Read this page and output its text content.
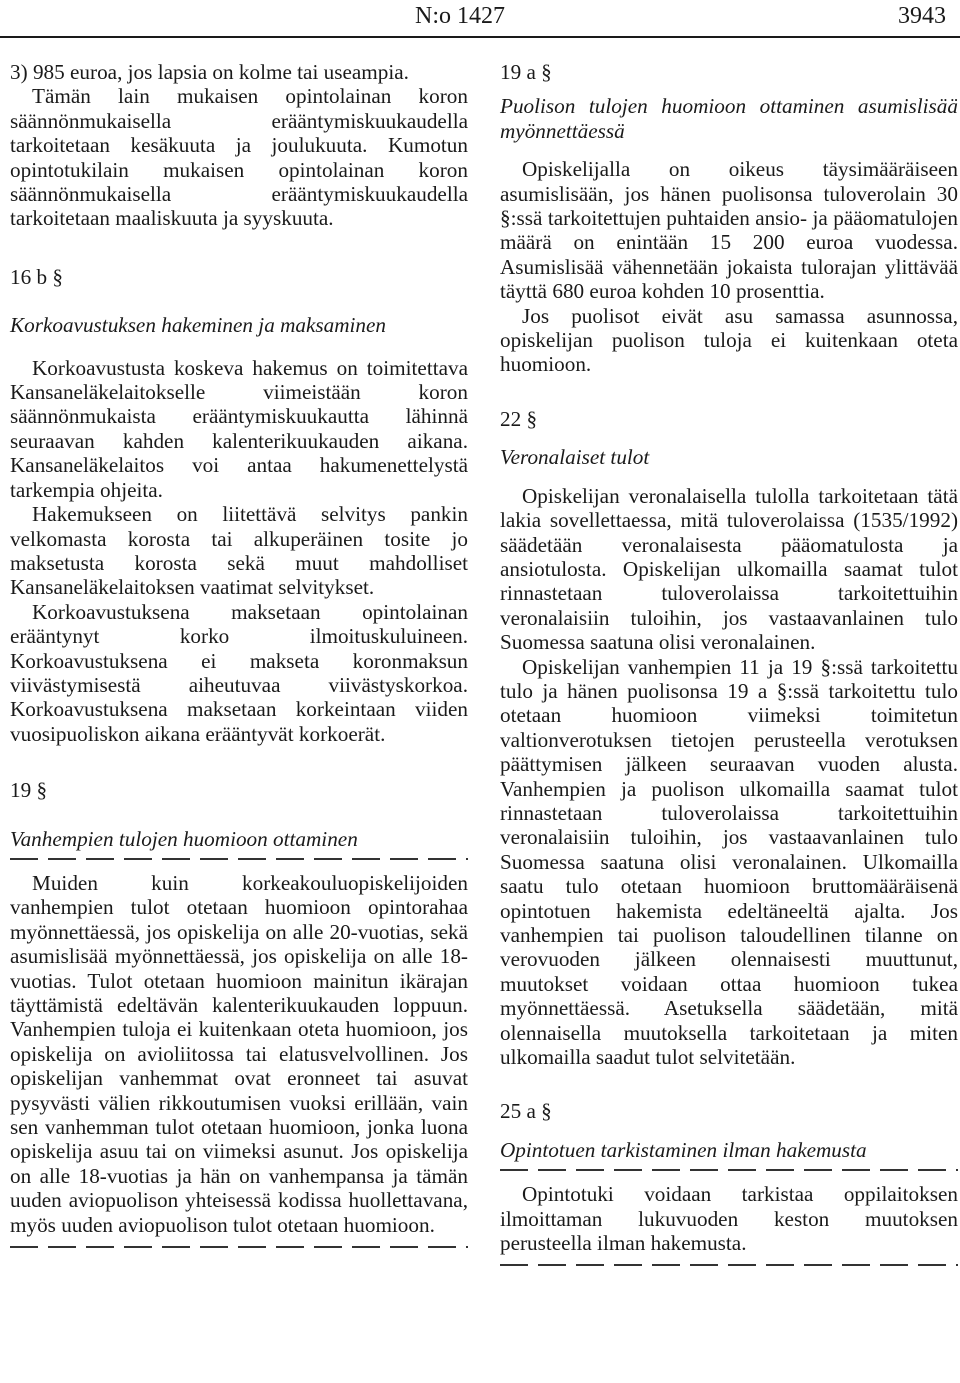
N:o 1427	3943

3) 985 euroa, jos lapsia on kolme tai useampia.

Tämän lain mukaisen opintolainan koron säännönmukaisella erääntymiskuukaudella tarkoitetaan kesäkuuta ja joulukuuta. Kumotun opintotukilain mukaisen opintolainan koron säännönmukaisella erääntymiskuukaudella tarkoitetaan maaliskuuta ja syyskuuta.

16 b §

Korkoavustuksen hakeminen ja maksaminen

Korkoavustusta koskeva hakemus on toimitettava Kansaneläkelaitokselle viimeistään koron säännönmukaista erääntymiskuukautta lähinnä seuraavan kahden kalenterikuukauden aikana. Kansaneläkelaitos voi antaa hakumenettelystä tarkempia ohjeita.

Hakemukseen on liitettävä selvitys pankin velkomasta korosta tai alkuperäinen tosite jo maksetusta korosta sekä muut mahdolliset Kansaneläkelaitoksen vaatimat selvitykset.

Korkoavustuksena maksetaan opintolainan erääntynyt korko ilmoituskuluineen. Korkoavustuksena ei makseta koronmaksun viivästymisestä aiheutuvaa viivästyskorkoa. Korkoavustuksena maksetaan korkeintaan viiden vuosipuoliskon aikana erääntyvät korkoerät.

19 §

Vanhempien tulojen huomioon ottaminen

Muiden kuin korkeakouluopiskelijoiden vanhempien tulot otetaan huomioon opintorahaa myönnettäessä, jos opiskelija on alle 20-vuotias, sekä asumislisää myönnettäessä, jos opiskelija on alle 18-vuotias. Tulot otetaan huomioon mainitun ikärajan täyttämistä edeltävän kalenterikuukauden loppuun. Vanhempien tuloja ei kuitenkaan oteta huomioon, jos opiskelija on avioliitossa tai elatusvelvollinen. Jos opiskelijan vanhemmat ovat eronneet tai asuvat pysyvästi välien rikkoutumisen vuoksi erillään, vain sen vanhemman tulot otetaan huomioon, jonka luona opiskelija asuu tai on viimeksi asunut. Jos opiskelija on alle 18-vuotias ja hän on vanhempansa ja tämän uuden aviopuolison yhteisessä kodissa huollettavana, myös uuden aviopuolison tulot otetaan huomioon.

19 a §

Puolison tulojen huomioon ottaminen asumislisää myönnettäessä

Opiskelijalla on oikeus täysimääräiseen asumislisään, jos hänen puolisonsa tuloverolain 30 §:ssä tarkoitettujen puhtaiden ansio- ja pääomatulojen määrä on enintään 15 200 euroa vuodessa. Asumislisää vähennetään jokaista tulorajan ylittävää täyttä 680 euroa kohden 10 prosenttia.

Jos puolisot eivät asu samassa asunnossa, opiskelijan puolison tuloja ei kuitenkaan oteta huomioon.

22 §

Veronalaiset tulot

Opiskelijan veronalaisella tulolla tarkoitetaan tätä lakia sovellettaessa, mitä tuloverolaissa (1535/1992) säädetään veronalaisesta pääomatulosta ja ansiotulosta. Opiskelijan ulkomailla saamat tulot rinnastetaan tuloverolaissa tarkoitettuihin veronalaisiin tuloihin, jos vastaavanlainen tulo Suomessa saatuna olisi veronalainen.

Opiskelijan vanhempien 11 ja 19 §:ssä tarkoitettu tulo ja hänen puolisonsa 19 a §:ssä tarkoitettu tulo otetaan huomioon viimeksi toimitetun valtionverotuksen tietojen perusteella verotuksen päättymisen jälkeen seuraavan vuoden alusta. Vanhempien ja puolison ulkomailla saamat tulot rinnastetaan tuloverolaissa tarkoitettuihin veronalaisiin tuloihin, jos vastaavanlainen tulo Suomessa saatuna olisi veronalainen. Ulkomailla saatu tulo otetaan huomioon bruttomääräisenä opintotuen hakemista edeltäneeltä ajalta. Jos vanhempien tai puolison taloudellinen tilanne on verovuoden jälkeen olennaisesti muuttunut, muutokset voidaan ottaa huomioon tukea myönnettäessä. Asetuksella säädetään, mitä olennaisella muutoksella tarkoitetaan ja miten ulkomailla saadut tulot selvitetään.

25 a §

Opintotuen tarkistaminen ilman hakemusta

Opintotuki voidaan tarkistaa oppilaitoksen ilmoittaman lukuvuoden keston muutoksen perusteella ilman hakemusta.
